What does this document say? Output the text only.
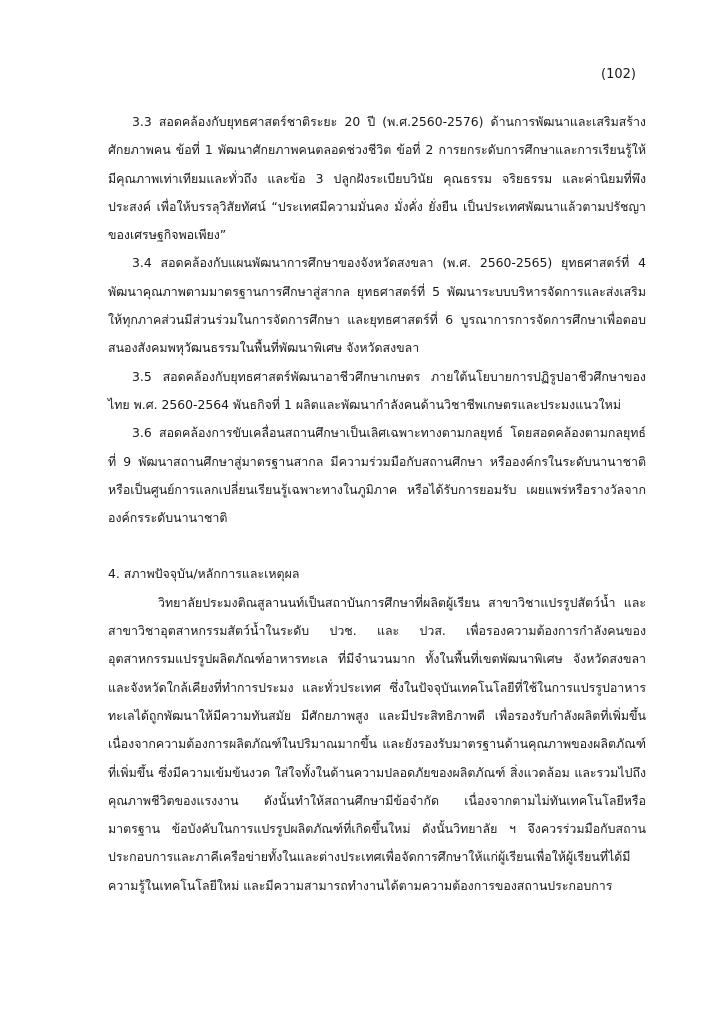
(102)

3.3 สอดคล้องกับยุทธศาสตร์ชาติระยะ 20 ปี (พ.ศ.2560-2576) ด้านการพัฒนาและเสริมสร้างศักยภาพคน ข้อที่ 1 พัฒนาศักยภาพคนตลอดช่วงชีวิต ข้อที่ 2 การยกระดับการศึกษาและการเรียนรู้ให้มีคุณภาพเท่าเทียมและทั่วถึง และข้อ 3 ปลูกฝังระเบียบวินัย คุณธรรม จริยธรรม และค่านิยมที่พึงประสงค์ เพื่อให้บรรลุวิสัยทัศน์ “ประเทศมีความมั่นคง มั่งคั่ง ยั่งยืน เป็นประเทศพัฒนาแล้วตามปรัชญาของเศรษฐกิจพอเพียง”

3.4 สอดคล้องกับแผนพัฒนาการศึกษาของจังหวัดสงขลา (พ.ศ. 2560-2565) ยุทธศาสตร์ที่ 4 พัฒนาคุณภาพตามมาตรฐานการศึกษาสู่สากล ยุทธศาสตร์ที่ 5 พัฒนาระบบบริหารจัดการและส่งเสริมให้ทุกภาคส่วนมีส่วนร่วมในการจัดการศึกษา และยุทธศาสตร์ที่ 6 บูรณาการการจัดการศึกษาเพื่อตอบสนองสังคมพหุวัฒนธรรมในพื้นที่พัฒนาพิเศษ จังหวัดสงขลา

3.5 สอดคล้องกับยุทธศาสตร์พัฒนาอาชีวศึกษาเกษตร ภายใต้นโยบายการปฏิรูปอาชีวศึกษาของไทย พ.ศ. 2560-2564 พันธกิจที่ 1 ผลิตและพัฒนากำลังคนด้านวิชาชีพเกษตรและประมงแนวใหม่

3.6 สอดคล้องการขับเคลื่อนสถานศึกษาเป็นเลิศเฉพาะทางตามกลยุทธ์ โดยสอดคล้องตามกลยุทธ์ที่ 9 พัฒนาสถานศึกษาสู่มาตรฐานสากล มีความร่วมมือกับสถานศึกษา หรือองค์กรในระดับนานาชาติ หรือเป็นศูนย์การแลกเปลี่ยนเรียนรู้เฉพาะทางในภูมิภาค หรือได้รับการยอมรับ เผยแพร่หรือรางวัลจากองค์กรระดับนานาชาติ

4. สภาพปัจจุบัน/หลักการและเหตุผล

วิทยาลัยประมงติณสูลานนท์เป็นสถาบันการศึกษาที่ผลิตผู้เรียน สาขาวิชาแปรรูปสัตว์น้ำ และสาขาวิชาอุตสาหกรรมสัตว์น้ำในระดับ ปวช. และ ปวส. เพื่อรองความต้องการกำลังคนของอุตสาหกรรมแปรรูปผลิตภัณฑ์อาหารทะเล ที่มีจำนวนมาก ทั้งในพื้นที่เขตพัฒนาพิเศษ จังหวัดสงขลา และจังหวัดใกล้เคียงที่ทำการประมง และทั่วประเทศ ซึ่งในปัจจุบันเทคโนโลยีที่ใช้ในการแปรรูปอาหารทะเลได้ถูกพัฒนาให้มีความทันสมัย มีศักยภาพสูง และมีประสิทธิภาพดี เพื่อรองรับกำลังผลิตที่เพิ่มขึ้นเนื่องจากความต้องการผลิตภัณฑ์ในปริมาณมากขึ้น และยังรองรับมาตรฐานด้านคุณภาพของผลิตภัณฑ์ที่เพิ่มขึ้น ซึ่งมีความเข้มข้นงวด ใส่ใจทั้งในด้านความปลอดภัยของผลิตภัณฑ์ สิ่งแวดล้อม และรวมไปถึงคุณภาพชีวิตของแรงงาน ดังนั้นทำให้สถานศึกษามีข้อจำกัด เนื่องจากตามไม่ทันเทคโนโลยีหรือมาตรฐาน ข้อบังคับในการแปรรูปผลิตภัณฑ์ที่เกิดขึ้นใหม่ ดังนั้นวิทยาลัย ฯ จึงควรร่วมมือกับสถานประกอบการและภาคีเครือข่ายทั้งในและต่างประเทศเพื่อจัดการศึกษาให้แก่ผู้เรียนเพื่อให้ผู้เรียนที่ได้มีความรู้ในเทคโนโลยีใหม่ และมีความสามารถทำงานได้ตามความต้องการของสถานประกอบการ
